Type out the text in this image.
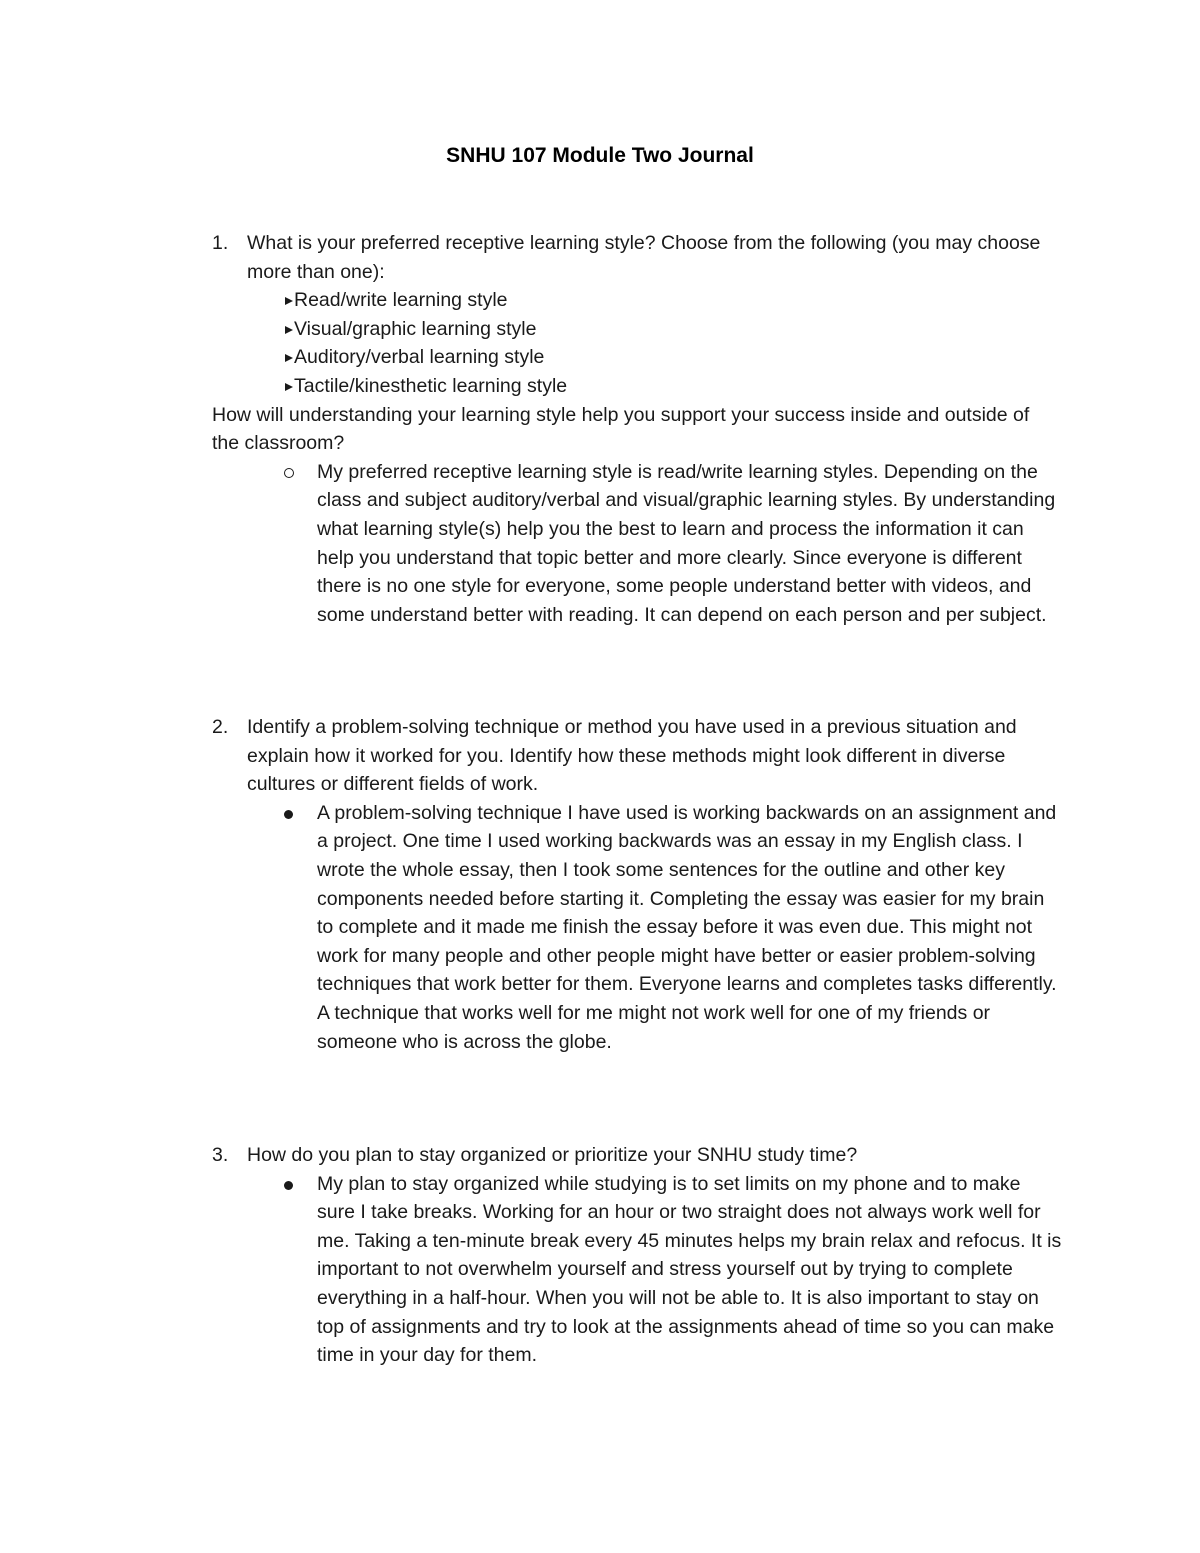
SNHU 107 Module Two Journal
1. What is your preferred receptive learning style? Choose from the following (you may choose more than one):
Read/write learning style
Visual/graphic learning style
Auditory/verbal learning style
Tactile/kinesthetic learning style
How will understanding your learning style help you support your success inside and outside of the classroom?
My preferred receptive learning style is read/write learning styles. Depending on the class and subject auditory/verbal and visual/graphic learning styles. By understanding what learning style(s) help you the best to learn and process the information it can help you understand that topic better and more clearly. Since everyone is different there is no one style for everyone, some people understand better with videos, and some understand better with reading. It can depend on each person and per subject.
2. Identify a problem-solving technique or method you have used in a previous situation and explain how it worked for you. Identify how these methods might look different in diverse cultures or different fields of work.
A problem-solving technique I have used is working backwards on an assignment and a project. One time I used working backwards was an essay in my English class. I wrote the whole essay, then I took some sentences for the outline and other key components needed before starting it. Completing the essay was easier for my brain to complete and it made me finish the essay before it was even due. This might not work for many people and other people might have better or easier problem-solving techniques that work better for them. Everyone learns and completes tasks differently. A technique that works well for me might not work well for one of my friends or someone who is across the globe.
3. How do you plan to stay organized or prioritize your SNHU study time?
My plan to stay organized while studying is to set limits on my phone and to make sure I take breaks. Working for an hour or two straight does not always work well for me. Taking a ten-minute break every 45 minutes helps my brain relax and refocus. It is important to not overwhelm yourself and stress yourself out by trying to complete everything in a half-hour. When you will not be able to. It is also important to stay on top of assignments and try to look at the assignments ahead of time so you can make time in your day for them.
